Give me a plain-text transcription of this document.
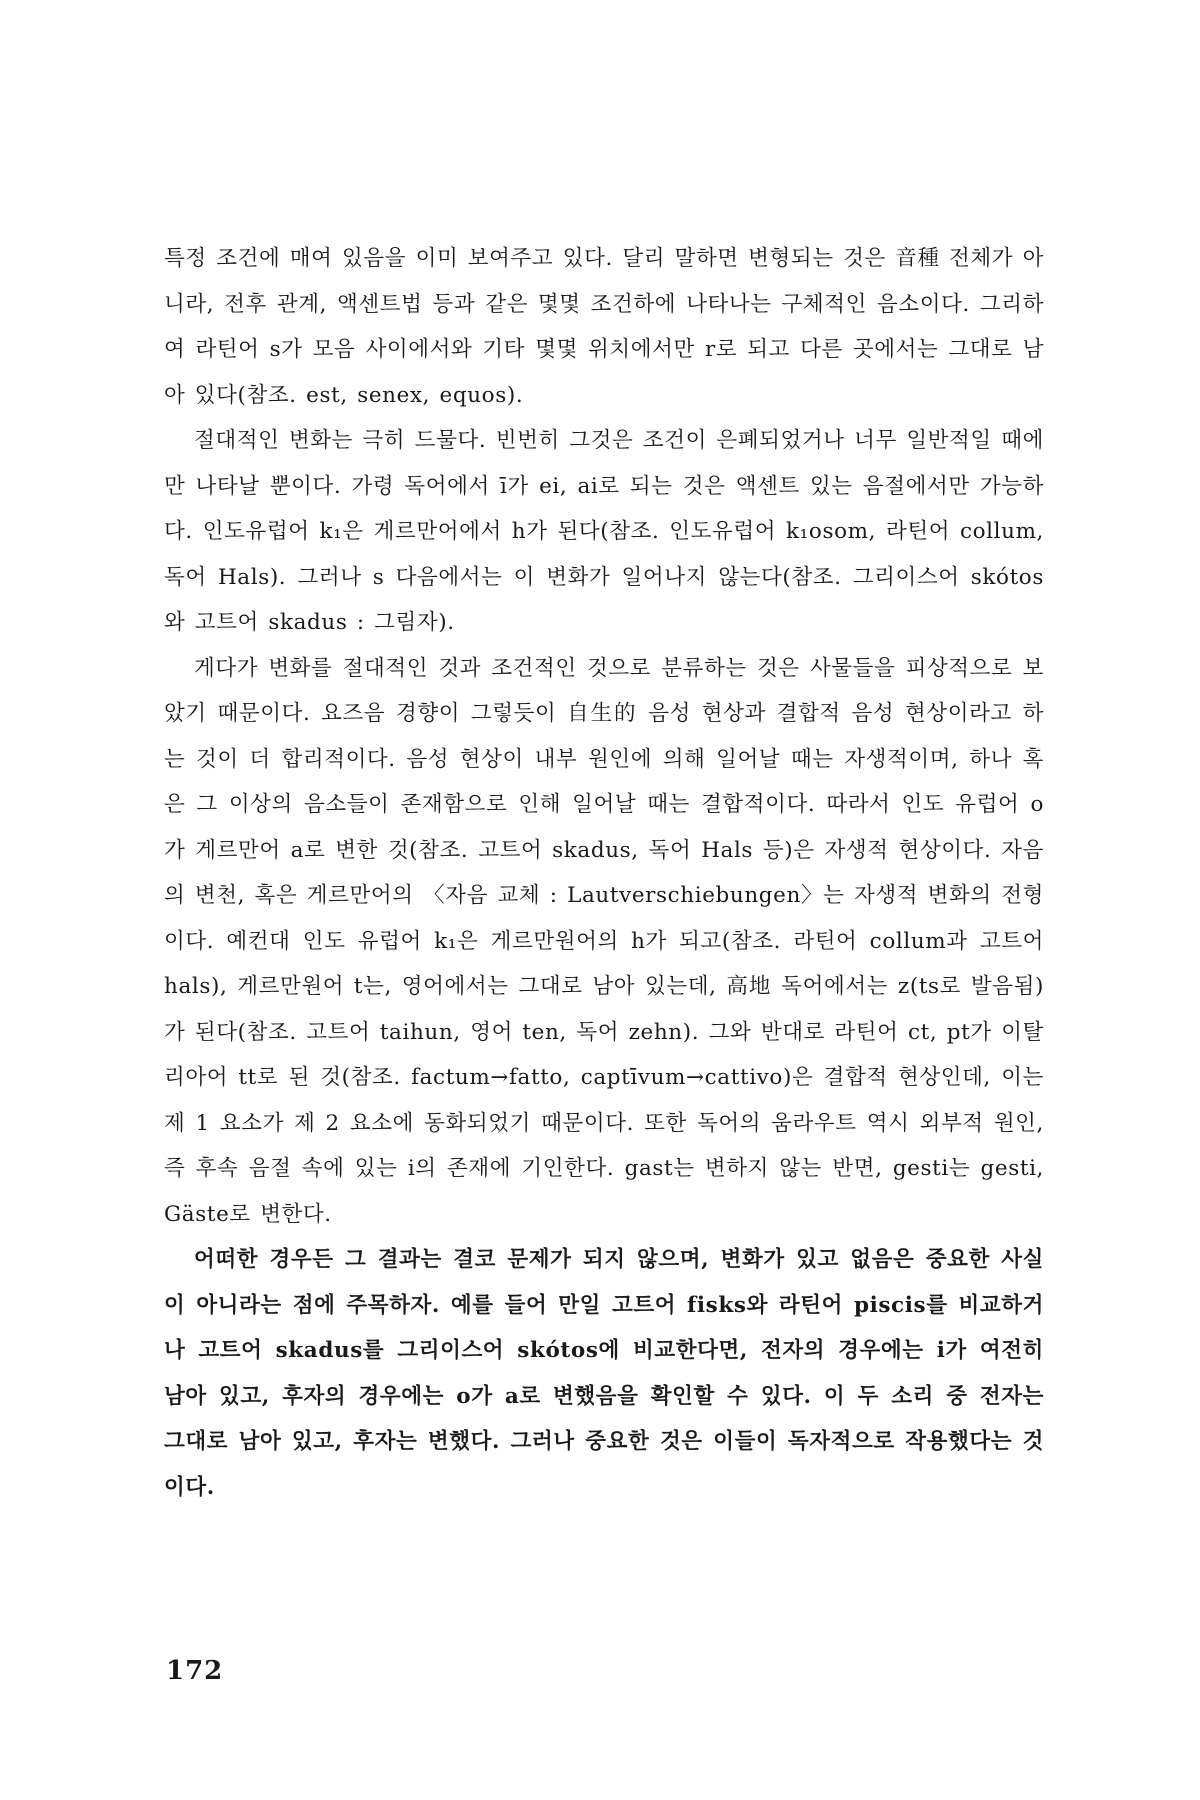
특정 조건에 매여 있음을 이미 보여주고 있다. 달리 말하면 변형되는 것은 音種 전체가 아니라, 전후 관계, 액센트법 등과 같은 몇몇 조건하에 나타나는 구체적인 음소이다. 그리하여 라틴어 s가 모음 사이에서와 기타 몇몇 위치에서만 r로 되고 다른 곳에서는 그대로 남아 있다(참조. est, senex, equos).

절대적인 변화는 극히 드물다. 빈번히 그것은 조건이 은폐되었거나 너무 일반적일 때에만 나타날 뿐이다. 가령 독어에서 ī가 ei, ai로 되는 것은 액센트 있는 음절에서만 가능하다. 인도유럽어 k₁은 게르만어에서 h가 된다(참조. 인도유럽어 k₁osom, 라틴어 collum, 독어 Hals). 그러나 s 다음에서는 이 변화가 일어나지 않는다(참조. 그리이스어 skótos와 고트어 skadus : 그림자).

게다가 변화를 절대적인 것과 조건적인 것으로 분류하는 것은 사물들을 피상적으로 보았기 때문이다. 요즈음 경향이 그렇듯이 自生的 음성 현상과 결합적 음성 현상이라고 하는 것이 더 합리적이다. 음성 현상이 내부 원인에 의해 일어날 때는 자생적이며, 하나 혹은 그 이상의 음소들이 존재함으로 인해 일어날 때는 결합적이다. 따라서 인도 유럽어 o가 게르만어 a로 변한 것(참조. 고트어 skadus, 독어 Hals 등)은 자생적 현상이다. 자음의 변천, 혹은 게르만어의 〈자음 교체 : Lautverschiebungen〉는 자생적 변화의 전형이다. 예컨대 인도 유럽어 k₁은 게르만원어의 h가 되고(참조. 라틴어 collum과 고트어 hals), 게르만원어 t는, 영어에서는 그대로 남아 있는데, 高地 독어에서는 z(ts로 발음됨)가 된다(참조. 고트어 taihun, 영어 ten, 독어 zehn). 그와 반대로 라틴어 ct, pt가 이탈리아어 tt로 된 것(참조. factum→fatto, captīvum→cattivo)은 결합적 현상인데, 이는 제 1 요소가 제 2 요소에 동화되었기 때문이다. 또한 독어의 움라우트 역시 외부적 원인, 즉 후속 음절 속에 있는 i의 존재에 기인한다. gast는 변하지 않는 반면, gesti는 gesti, Gäste로 변한다.

어떠한 경우든 그 결과는 결코 문제가 되지 않으며, 변화가 있고 없음은 중요한 사실이 아니라는 점에 주목하자. 예를 들어 만일 고트어 fisks와 라틴어 piscis를 비교하거나 고트어 skadus를 그리이스어 skótos에 비교한다면, 전자의 경우에는 i가 여전히 남아 있고, 후자의 경우에는 o가 a로 변했음을 확인할 수 있다. 이 두 소리 중 전자는 그대로 남아 있고, 후자는 변했다. 그러나 중요한 것은 이들이 독자적으로 작용했다는 것이다.

172
